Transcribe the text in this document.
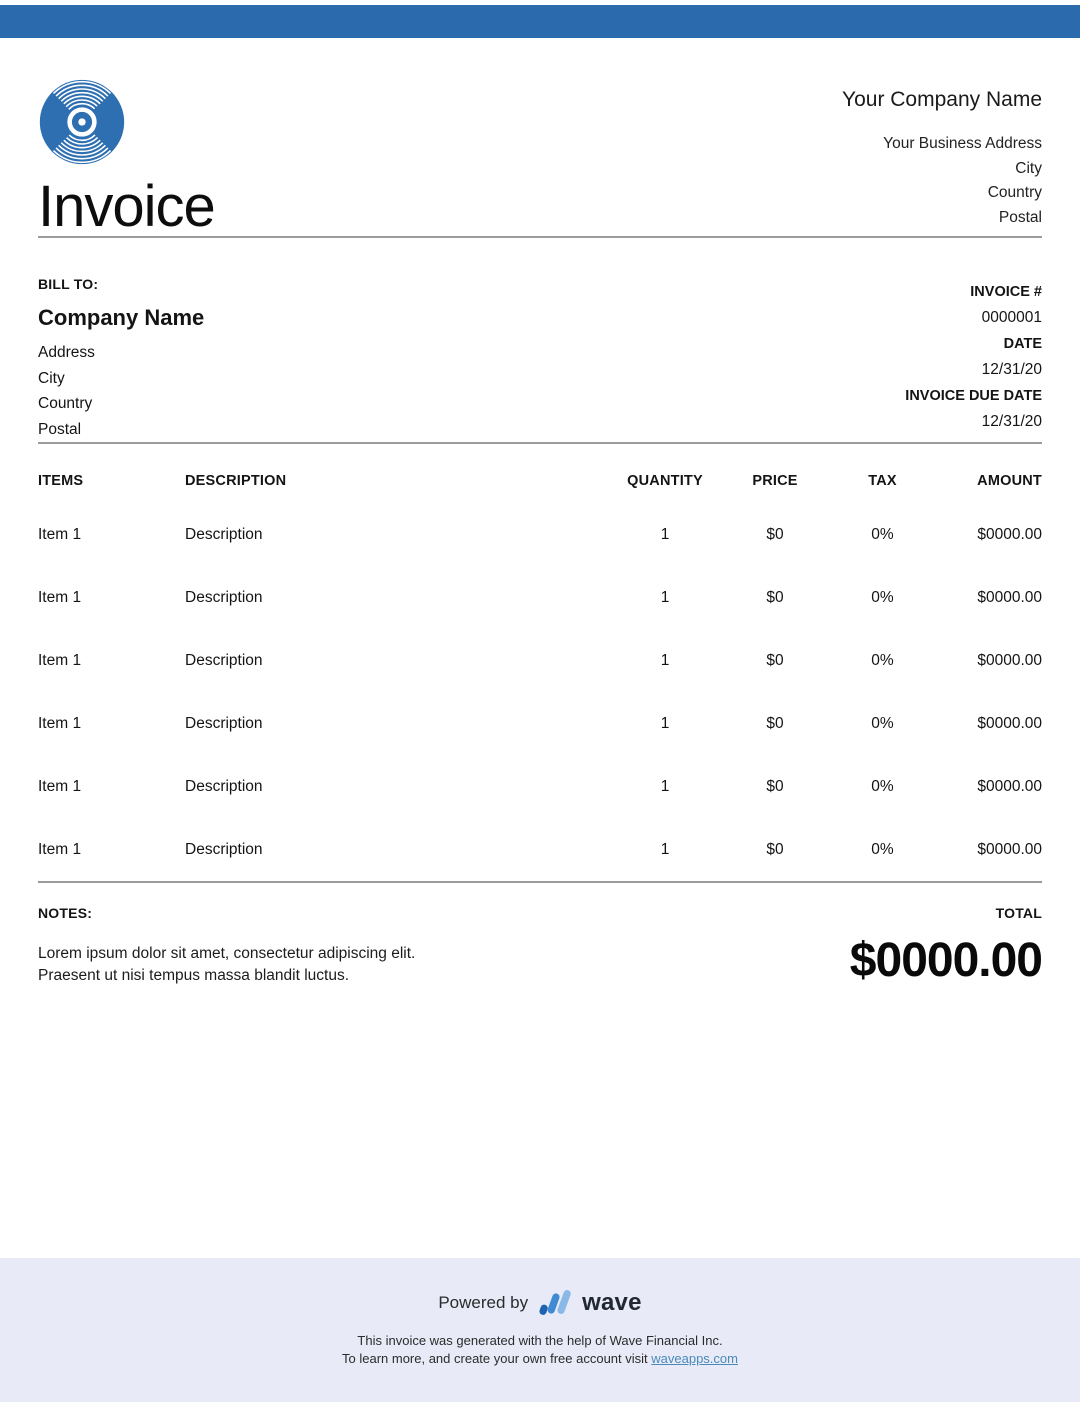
Invoice
Your Company Name
Your Business Address
City
Country
Postal
BILL TO:
Company Name
Address
City
Country
Postal
INVOICE #
0000001
DATE
12/31/20
INVOICE DUE DATE
12/31/20
ITEMS	DESCRIPTION	QUANTITY	PRICE	TAX	AMOUNT
Item 1	Description	1	$0	0%	$0000.00
Item 1	Description	1	$0	0%	$0000.00
Item 1	Description	1	$0	0%	$0000.00
Item 1	Description	1	$0	0%	$0000.00
Item 1	Description	1	$0	0%	$0000.00
Item 1	Description	1	$0	0%	$0000.00
NOTES:
Lorem ipsum dolor sit amet, consectetur adipiscing elit.
Praesent ut nisi tempus massa blandit luctus.
TOTAL
$0000.00
Powered by wave
This invoice was generated with the help of Wave Financial Inc.
To learn more, and create your own free account visit waveapps.com
